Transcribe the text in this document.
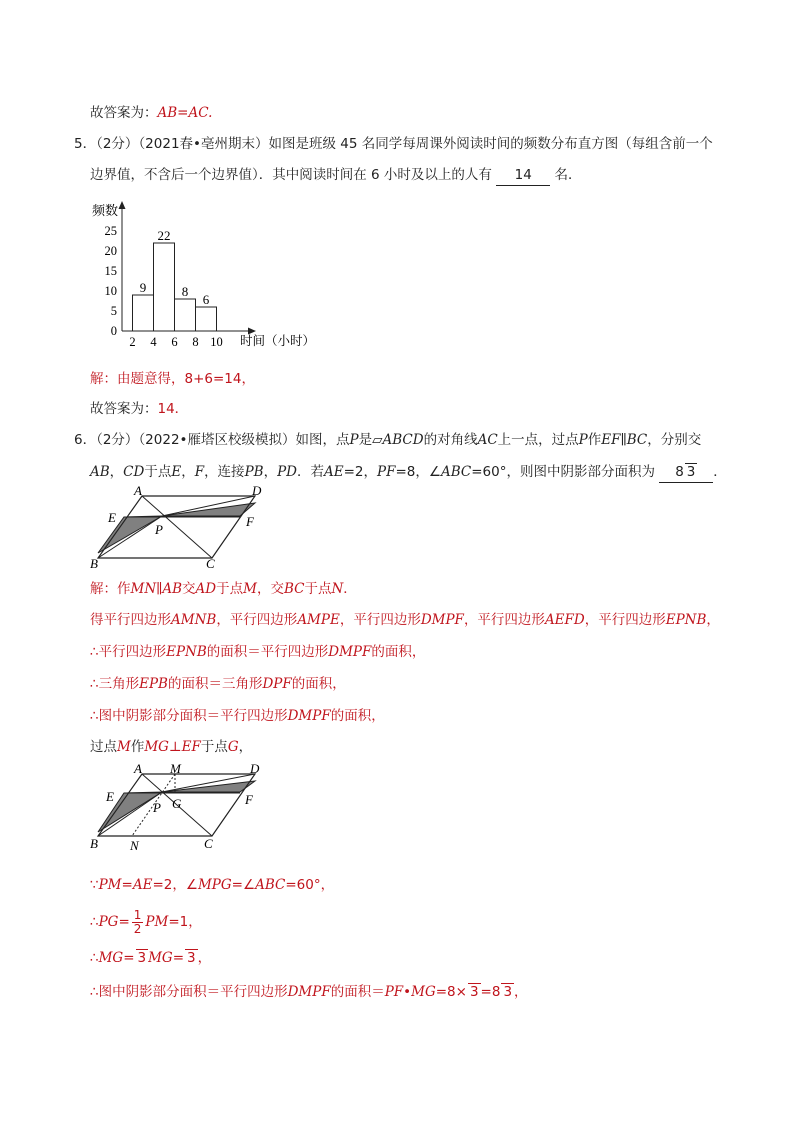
故答案为：AB=AC.
5．（2分）（2021春•亳州期末）如图是班级 45 名同学每周课外阅读时间的频数分布直方图（每组含前一个
边界值，不含后一个边界值）．其中阅读时间在 6 小时及以上的人有 14 名．
频数
时间（小时）
9
22
8
6
2 4 6 8 10
0
5
10
15
20
25
解：由题意得，8+6=14，
故答案为：14．
6．（2分）（2022•雁塔区校级模拟）如图，点P是▱ABCD的对角线AC上一点，过点P作EF∥BC，分别交
AB，CD于点E，F，连接PB，PD．若AE=2，PF=8，∠ABC=60°，则图中阴影部分面积为 8 3 ．
A	D
E	F
P
B	C
解：作MN∥AB交AD于点M，交BC于点N．
得平行四边形AMNB，平行四边形AMPE，平行四边形DMPF，平行四边形AEFD，平行四边形EPNB，
∴平行四边形EPNB的面积＝平行四边形DMPF的面积，
∴三角形EPB的面积＝三角形DPF的面积，
∴图中阴影部分面积＝平行四边形DMPF的面积，
过点M作MG⊥EF于点G，
A M	D
E	F
P G
B N	C
∵PM=AE=2，∠MPG=∠ABC=60°，
∴PG= $\frac{1}{2} PM=1$，
∴MG= 3 MG= 3 ，
∴图中阴影部分面积＝平行四边形DMPF的面积＝PF•MG=8× 3 =8 3 ，
